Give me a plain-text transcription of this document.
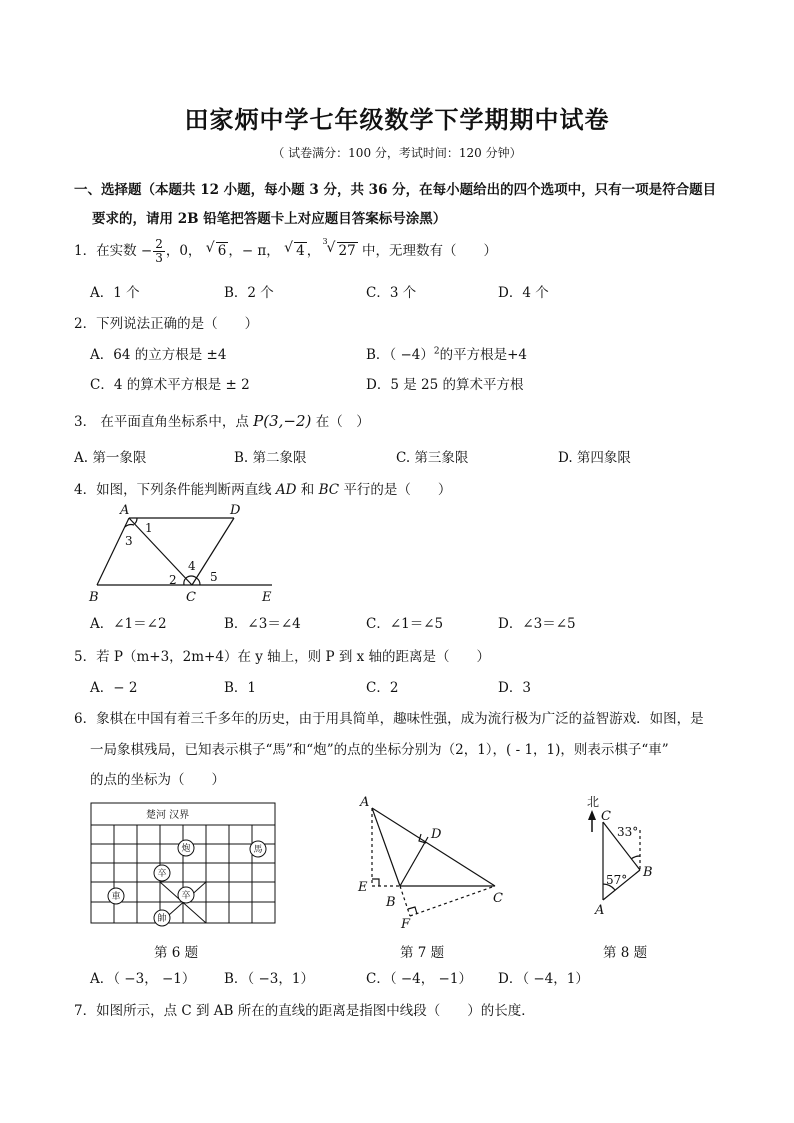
田家炳中学七年级数学下学期期中试卷
（ 试卷满分：100 分，考试时间：120 分钟）
一、选择题（本题共 12 小题，每小题 3 分，共 36 分，在每小题给出的四个选项中，只有一项是符合题目
要求的，请用 2B 铅笔把答题卡上对应题目答案标号涂黑）
1．在实数 − $\frac{2}{3}$ ，0， √ 6 ，− π， √ 4 ， √ 27 3 中，无理数有（　　）
A．1 个	B．2 个	C．3 个	D．4 个
2．下列说法正确的是（　　）
A．64 的立方根是 ±4	B．（ −4）$^2$的平方根是+4
C．4 的算术平方根是 ± 2	D．5 是 25 的算术平方根
3． 在平面直角坐标系中，点 P(3,−2) 在（　）
A. 第一象限	B. 第二象限	C. 第三象限	D. 第四象限
4．如图，下列条件能判断两直线 AD 和 BC 平行的是（　　）
A	D
B	C	E
1
3
2
4
5
A．∠1＝∠2	B．∠3＝∠4	C．∠1＝∠5	D．∠3＝∠5
5．若 P（m+3，2m+4）在 y 轴上，则 P 到 x 轴的距离是（　　）
A．− 2	B．1	C．2	D．3
6．象棋在中国有着三千多年的历史，由于用具简单，趣味性强，成为流行极为广泛的益智游戏．如图，是
一局象棋残局，已知表示棋子“馬”和“炮”的点的坐标分别为（2，1），( - 1，1)，则表示棋子“車”
的点的坐标为（　　）
楚河 汉界
炮	馬
卒
卒
車
帥
A
D
E
B	C
F
北
C
B
A
33°
57°
第 6 题	第 7 题	第 8 题
A．（ −3， −1） B．（ −3，1）	C．（ −4， −1） D．（ −4，1）
7．如图所示，点 C 到 AB 所在的直线的距离是指图中线段（　　）的长度．
